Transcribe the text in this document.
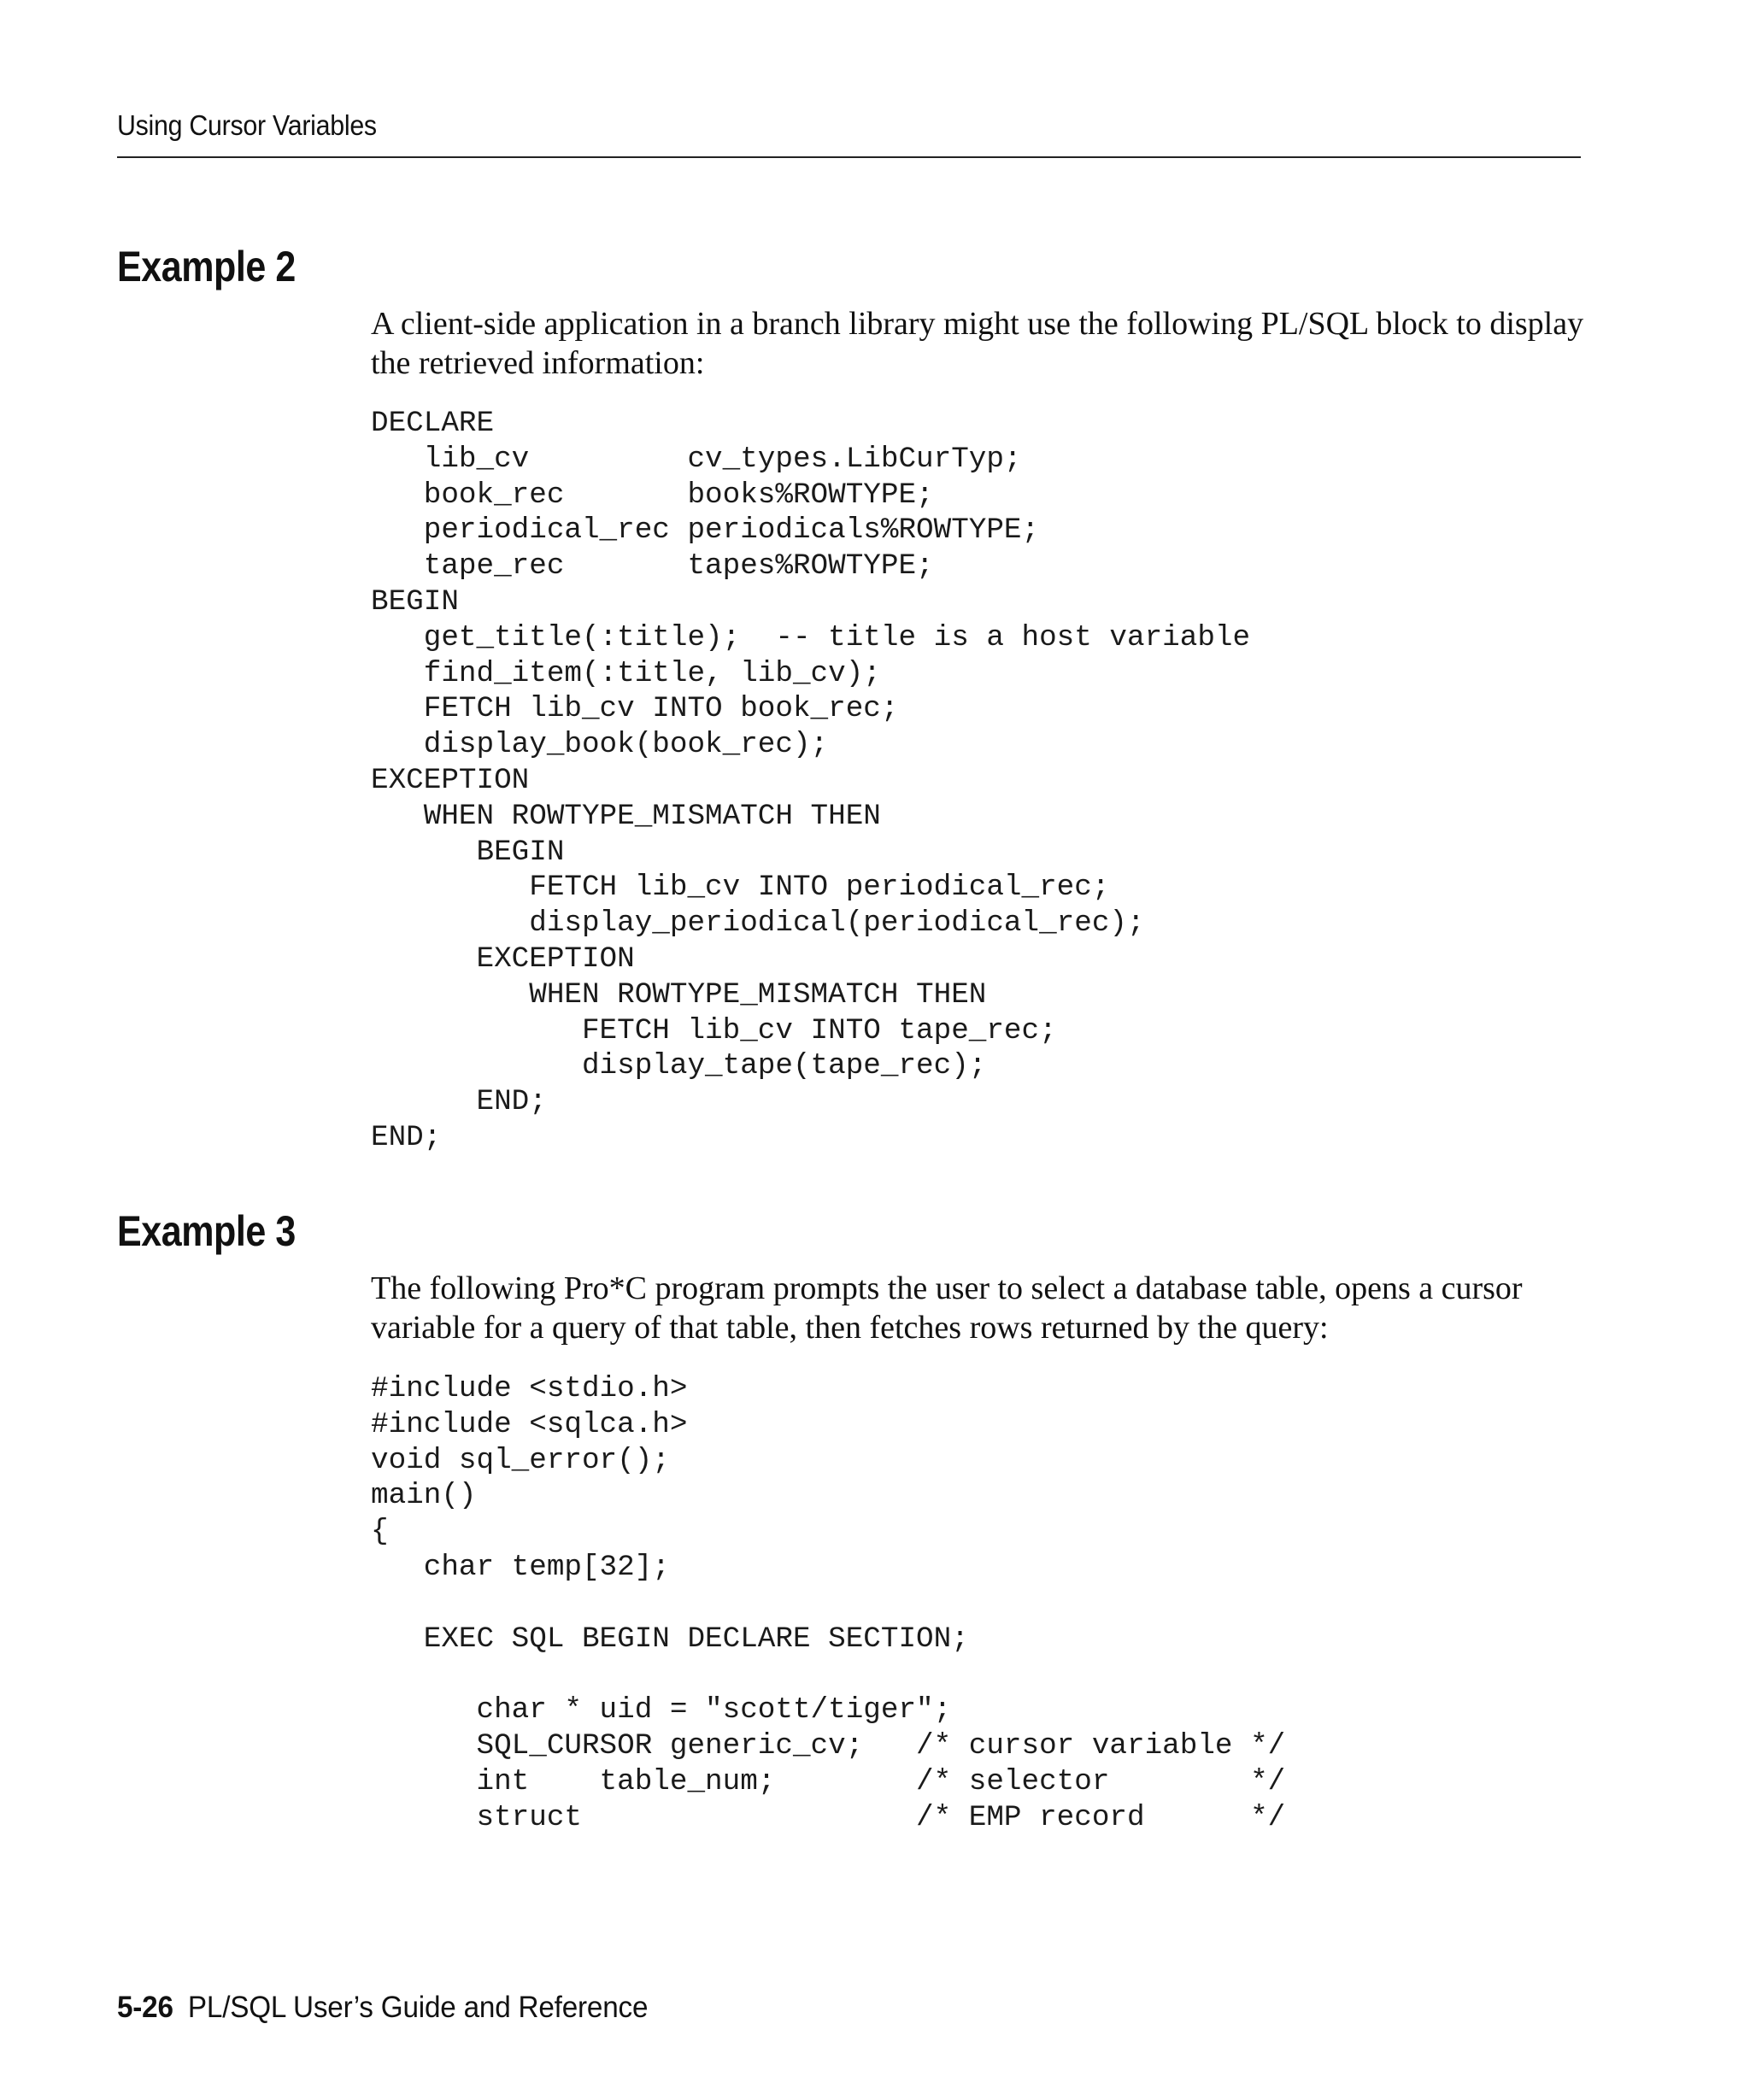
Using Cursor Variables
Example 2

A client-side application in a branch library might use the following PL/SQL block to display the retrieved information:

DECLARE
lib_cv         cv_types.LibCurTyp;
book_rec       books%ROWTYPE;
periodical_rec periodicals%ROWTYPE;
tape_rec       tapes%ROWTYPE;
BEGIN
get_title(:title);  -- title is a host variable
find_item(:title, lib_cv);
FETCH lib_cv INTO book_rec;
display_book(book_rec);
EXCEPTION
WHEN ROWTYPE_MISMATCH THEN
BEGIN
FETCH lib_cv INTO periodical_rec;
display_periodical(periodical_rec);
EXCEPTION
WHEN ROWTYPE_MISMATCH THEN
FETCH lib_cv INTO tape_rec;
display_tape(tape_rec);
END;
END;
Example 3

The following Pro*C program prompts the user to select a database table, opens a cursor variable for a query of that table, then fetches rows returned by the query:

#include <stdio.h>
#include <sqlca.h>
void sql_error();
main()
{
char temp[32];
EXEC SQL BEGIN DECLARE SECTION;
char * uid = "scott/tiger";
SQL_CURSOR generic_cv;   /* cursor variable */
int    table_num;        /* selector        */
struct                   /* EMP record      */
5-26 PL/SQL User’s Guide and Reference
